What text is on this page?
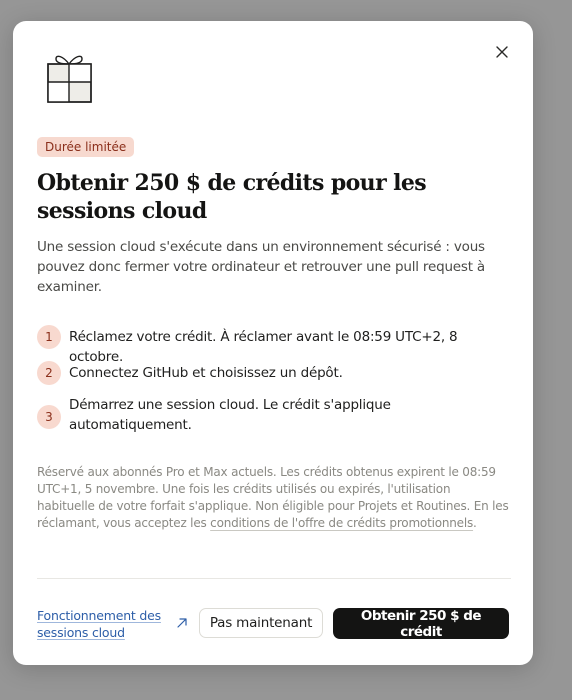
Durée limitée
Obtenir 250 $ de crédits pour les sessions cloud

Une session cloud s'exécute dans un environnement sécurisé : vous pouvez donc fermer votre ordinateur et retrouver une pull request à examiner.

1	Réclamez votre crédit. À réclamer avant le 08:59 UTC+2, 8 octobre.
2	Connectez GitHub et choisissez un dépôt.
3
Démarrez une session cloud. Le crédit s'applique automatiquement.

Réservé aux abonnés Pro et Max actuels. Les crédits obtenus expirent le 08:59 UTC+1, 5 novembre. Une fois les crédits utilisés ou expirés, l'utilisation habituelle de votre forfait s'applique. Non éligible pour Projets et Routines. En les réclamant, vous acceptez les conditions de l'offre de crédits promotionnels.

Fonctionnement des sessions cloud
Pas maintenant	Obtenir 250 $ de crédit
